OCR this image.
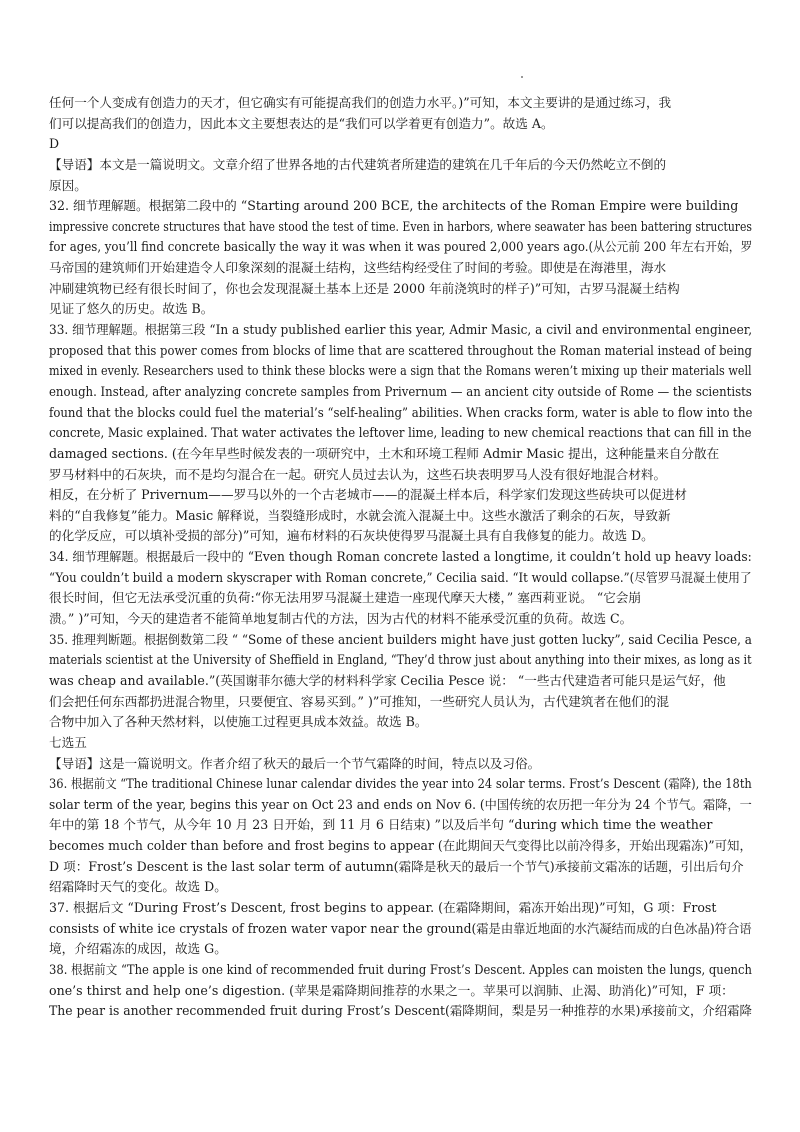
任何一个人变成有创造力的天才，但它确实有可能提高我们的创造力水平。)”可知，本文主要讲的是通过练习，我
们可以提高我们的创造力，因此本文主要想表达的是“我们可以学着更有创造力”。故选 A。
D
【导语】本文是一篇说明文。文章介绍了世界各地的古代建筑者所建造的建筑在几千年后的今天仍然屹立不倒的
原因。
32. 细节理解题。根据第二段中的 “Starting around 200 BCE, the architects of the Roman Empire were building
impressive concrete structures that have stood the test of time. Even in harbors, where seawater has been battering structures
for ages, you’ll find concrete basically the way it was when it was poured 2,000 years ago.(从公元前 200 年左右开始，罗
马帝国的建筑师们开始建造令人印象深刻的混凝土结构，这些结构经受住了时间的考验。即使是在海港里，海水
冲刷建筑物已经有很长时间了，你也会发现混凝土基本上还是 2000 年前浇筑时的样子)”可知，古罗马混凝土结构
见证了悠久的历史。故选 B。
33. 细节理解题。根据第三段 “In a study published earlier this year, Admir Masic, a civil and environmental engineer,
proposed that this power comes from blocks of lime that are scattered throughout the Roman material instead of being
mixed in evenly. Researchers used to think these blocks were a sign that the Romans weren’t mixing up their materials well
enough. Instead, after analyzing concrete samples from Privernum — an ancient city outside of Rome — the scientists
found that the blocks could fuel the material’s “self-healing” abilities. When cracks form, water is able to flow into the
concrete, Masic explained. That water activates the leftover lime, leading to new chemical reactions that can fill in the
damaged sections. (在今年早些时候发表的一项研究中，土木和环境工程师 Admir Masic 提出，这种能量来自分散在
罗马材料中的石灰块，而不是均匀混合在一起。研究人员过去认为，这些石块表明罗马人没有很好地混合材料。
相反，在分析了 Privernum——罗马以外的一个古老城市——的混凝土样本后，科学家们发现这些砖块可以促进材
料的“自我修复”能力。Masic 解释说，当裂缝形成时，水就会流入混凝土中。这些水激活了剩余的石灰，导致新
的化学反应，可以填补受损的部分)”可知，遍布材料的石灰块使得罗马混凝土具有自我修复的能力。故选 D。
34. 细节理解题。根据最后一段中的 “Even though Roman concrete lasted a longtime, it couldn’t hold up heavy loads:
“You couldn’t build a modern skyscraper with Roman concrete,” Cecilia said. “It would collapse.”(尽管罗马混凝土使用了
很长时间，但它无法承受沉重的负荷:“你无法用罗马混凝土建造一座现代摩天大楼，” 塞西莉亚说。 “它会崩
溃。” )”可知，今天的建造者不能简单地复制古代的方法，因为古代的材料不能承受沉重的负荷。故选 C。
35. 推理判断题。根据倒数第二段 “ “Some of these ancient builders might have just gotten lucky”, said Cecilia Pesce, a
materials scientist at the University of Sheffield in England, “They’d throw just about anything into their mixes, as long as it
was cheap and available.”(英国谢菲尔德大学的材料科学家 Cecilia Pesce 说： “一些古代建造者可能只是运气好，他
们会把任何东西都扔进混合物里，只要便宜、容易买到。” )”可推知，一些研究人员认为，古代建筑者在他们的混
合物中加入了各种天然材料，以使施工过程更具成本效益。故选 B。
七选五
【导语】这是一篇说明文。作者介绍了秋天的最后一个节气霜降的时间，特点以及习俗。
36. 根据前文 “The traditional Chinese lunar calendar divides the year into 24 solar terms. Frost’s Descent (霜降), the 18th
solar term of the year, begins this year on Oct 23 and ends on Nov 6. (中国传统的农历把一年分为 24 个节气。霜降，一
年中的第 18 个节气，从今年 10 月 23 日开始，到 11 月 6 日结束) ”以及后半句 “during which time the weather
becomes much colder than before and frost begins to appear (在此期间天气变得比以前冷得多，开始出现霜冻)”可知，
D 项：Frost’s Descent is the last solar term of autumn(霜降是秋天的最后一个节气)承接前文霜冻的话题，引出后句介
绍霜降时天气的变化。故选 D。
37. 根据后文 “During Frost’s Descent, frost begins to appear. (在霜降期间，霜冻开始出现)”可知，G 项：Frost
consists of white ice crystals of frozen water vapor near the ground(霜是由靠近地面的水汽凝结而成的白色冰晶)符合语
境，介绍霜冻的成因，故选 G。
38. 根据前文 “The apple is one kind of recommended fruit during Frost’s Descent. Apples can moisten the lungs, quench
one’s thirst and help one’s digestion. (苹果是霜降期间推荐的水果之一。苹果可以润肺、止渴、助消化)”可知，F 项：
The pear is another recommended fruit during Frost’s Descent(霜降期间，梨是另一种推荐的水果)承接前文，介绍霜降
